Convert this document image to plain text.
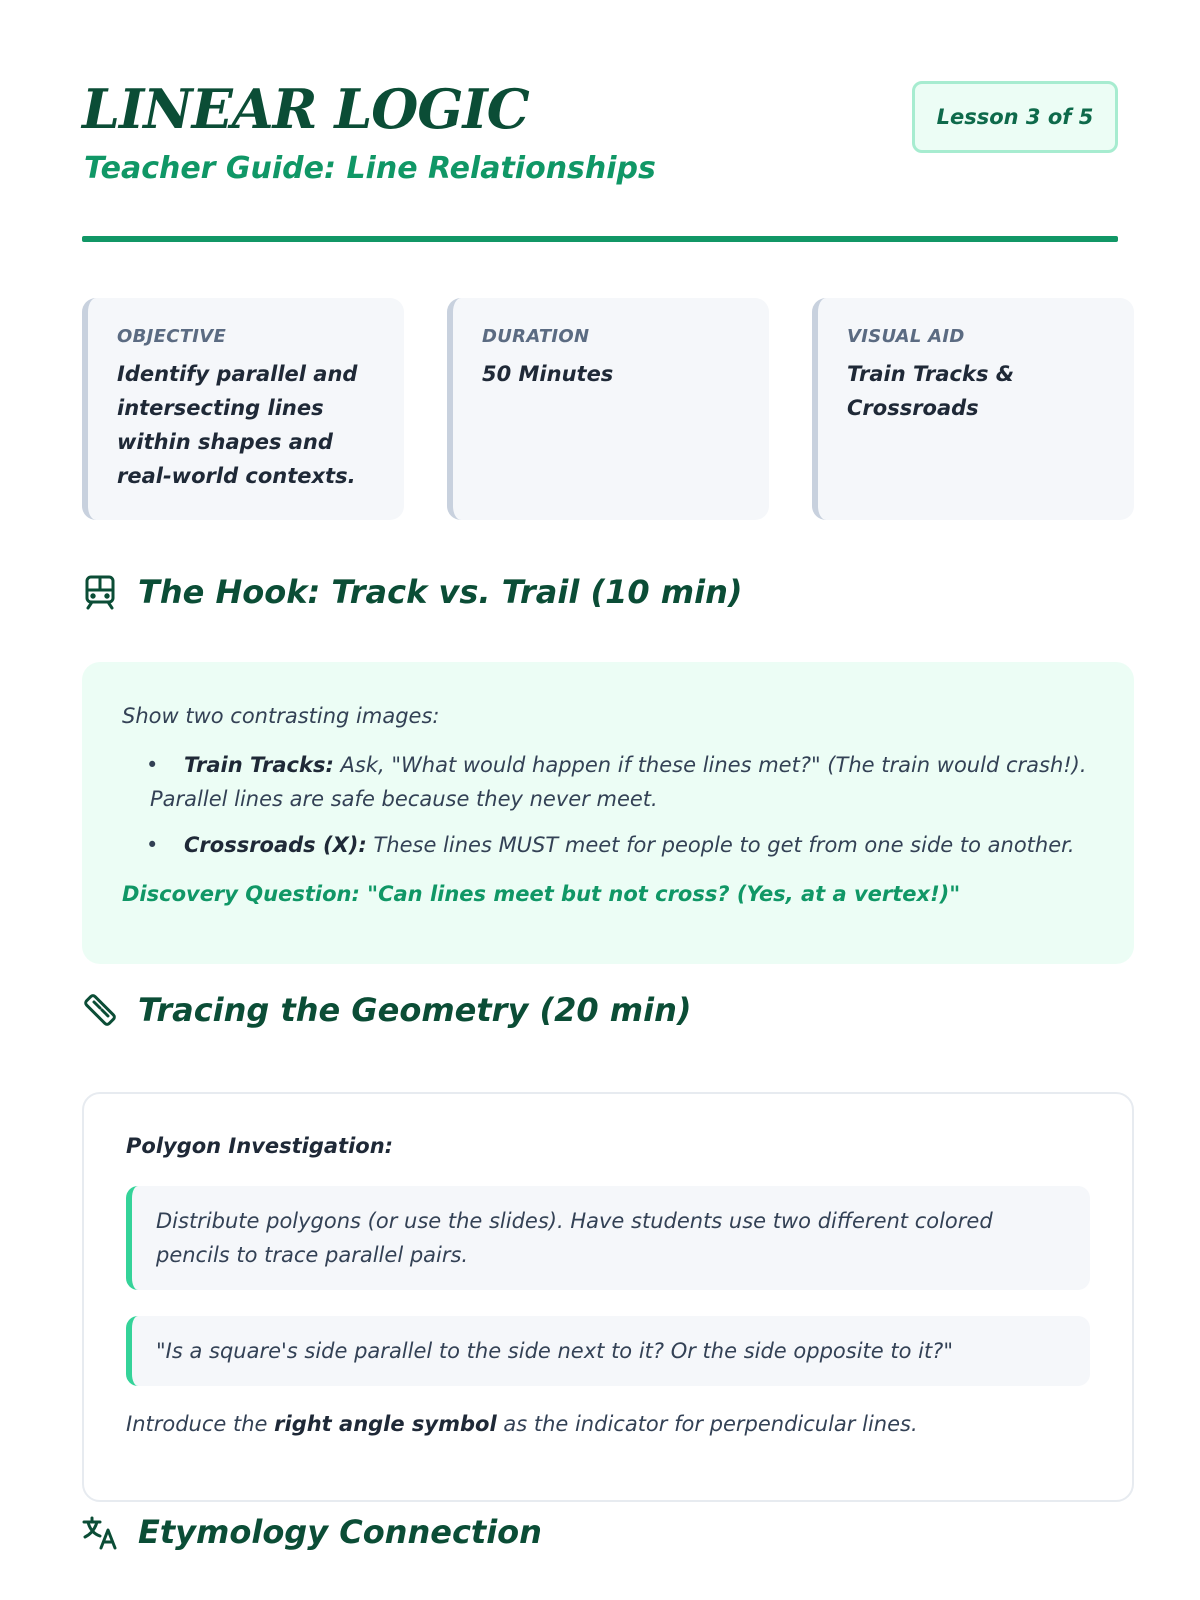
LINEAR LOGIC
Teacher Guide: Line Relationships
Lesson 3 of 5
OBJECTIVE
Identify parallel and intersecting lines within shapes and real-world contexts.
DURATION
50 Minutes
VISUAL AID
Train Tracks & Crossroads
The Hook: Track vs. Trail (10 min)

Show two contrasting images:

•	Train Tracks: Ask, "What would happen if these lines met?" (The train would crash!). Parallel lines are safe because they never meet.
•	Crossroads (X): These lines MUST meet for people to get from one side to another.

Discovery Question: "Can lines meet but not cross? (Yes, at a vertex!)"

Tracing the Geometry (20 min)

Polygon Investigation:

Distribute polygons (or use the slides). Have students use two different colored pencils to trace parallel pairs.
"Is a square's side parallel to the side next to it? Or the side opposite to it?"

Introduce the right angle symbol as the indicator for perpendicular lines.

Etymology Connection
